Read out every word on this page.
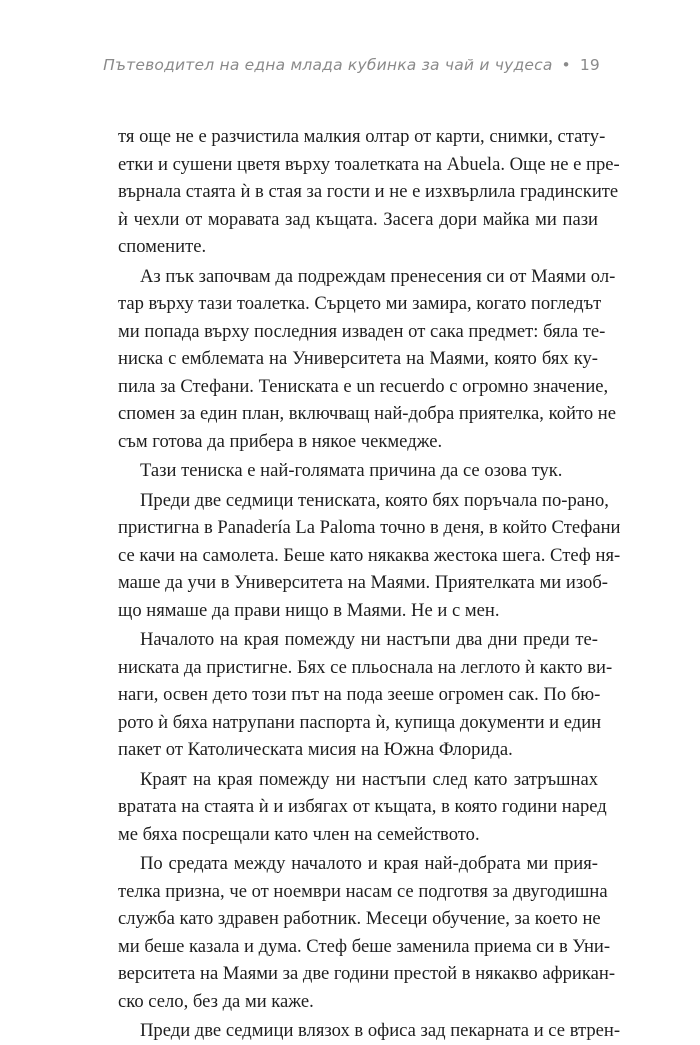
Пътеводител на една млада кубинка за чай и чудеса • 19
тя още не е разчистила малкия олтар от карти, снимки, стату-
етки и сушени цветя върху тоалетката на Abuela. Още не е пре-
върнала стаята ѝ в стая за гости и не е изхвърлила градинските
ѝ чехли от моравата зад къщата. Засега дори майка ми пази
спомените.
Аз пък започвам да подреждам пренесения си от Маями ол-
тар върху тази тоалетка. Сърцето ми замира, когато погледът
ми попада върху последния изваден от сака предмет: бяла те-
ниска с емблемата на Университета на Маями, която бях ку-
пила за Стефани. Тениската е un recuerdo с огромно значение,
спомен за един план, включващ най-добра приятелка, който не
съм готова да прибера в някое чекмедже.
Тази тениска е най-голямата причина да се озова тук.
Преди две седмици тениската, която бях поръчала по-рано,
пристигна в Panadería La Paloma точно в деня, в който Стефани
се качи на самолета. Беше като някаква жестока шега. Стеф ня-
маше да учи в Университета на Маями. Приятелката ми изоб-
що нямаше да прави нищо в Маями. Не и с мен.
Началото на края помежду ни настъпи два дни преди те-
ниската да пристигне. Бях се пльоснала на леглото ѝ както ви-
наги, освен дето този път на пода зееше огромен сак. По бю-
рото ѝ бяха натрупани паспорта ѝ, купища документи и един
пакет от Католическата мисия на Южна Флорида.
Краят на края помежду ни настъпи след като затръшнах
вратата на стаята ѝ и избягах от къщата, в която години наред
ме бяха посрещали като член на семейството.
По средата между началото и края най-добрата ми прия-
телка призна, че от ноември насам се подготвя за двугодишна
служба като здравен работник. Месеци обучение, за което не
ми беше казала и дума. Стеф беше заменила приема си в Уни-
верситета на Маями за две години престой в някакво африкан-
ско село, без да ми каже.
Преди две седмици влязох в офиса зад пекарната и се втрен-
